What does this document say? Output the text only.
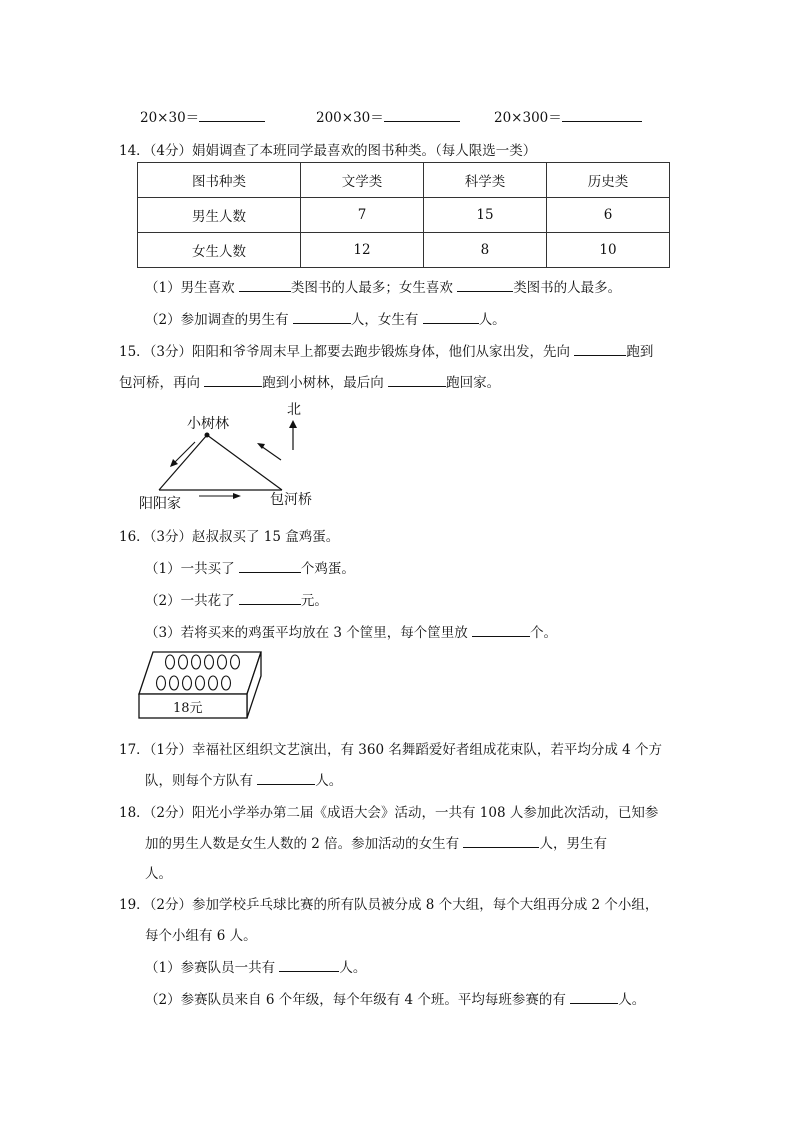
20×30＝	200×30＝	20×300＝
14．（4分）娟娟调查了本班同学最喜欢的图书种类。（每人限选一类）
图书种类	文学类	科学类	历史类
男生人数	7	15	6
女生人数	12	8	10
（1）男生喜欢	类图书的人最多；女生喜欢	类图书的人最多。
（2）参加调查的男生有	人，女生有	人。
15．（3分）阳阳和爷爷周末早上都要去跑步锻炼身体，他们从家出发，先向	跑到
包河桥，再向	跑到小树林，最后向	跑回家。
北
小树林
阳阳家	包河桥
16．（3分）赵叔叔买了 15 盒鸡蛋。
（1）一共买了	个鸡蛋。
（2）一共花了	元。
（3）若将买来的鸡蛋平均放在 3 个筐里，每个筐里放	个。
18元
17．（1分）幸福社区组织文艺演出，有 360 名舞蹈爱好者组成花束队，若平均分成 4 个方
队，则每个方队有	人。
18．（2分）阳光小学举办第二届《成语大会》活动，一共有 108 人参加此次活动，已知参
加的男生人数是女生人数的 2 倍。参加活动的女生有	人，男生有
人。
19．（2分）参加学校乒乓球比赛的所有队员被分成 8 个大组，每个大组再分成 2 个小组，
每个小组有 6 人。
（1）参赛队员一共有	人。
（2）参赛队员来自 6 个年级，每个年级有 4 个班。平均每班参赛的有	人。
